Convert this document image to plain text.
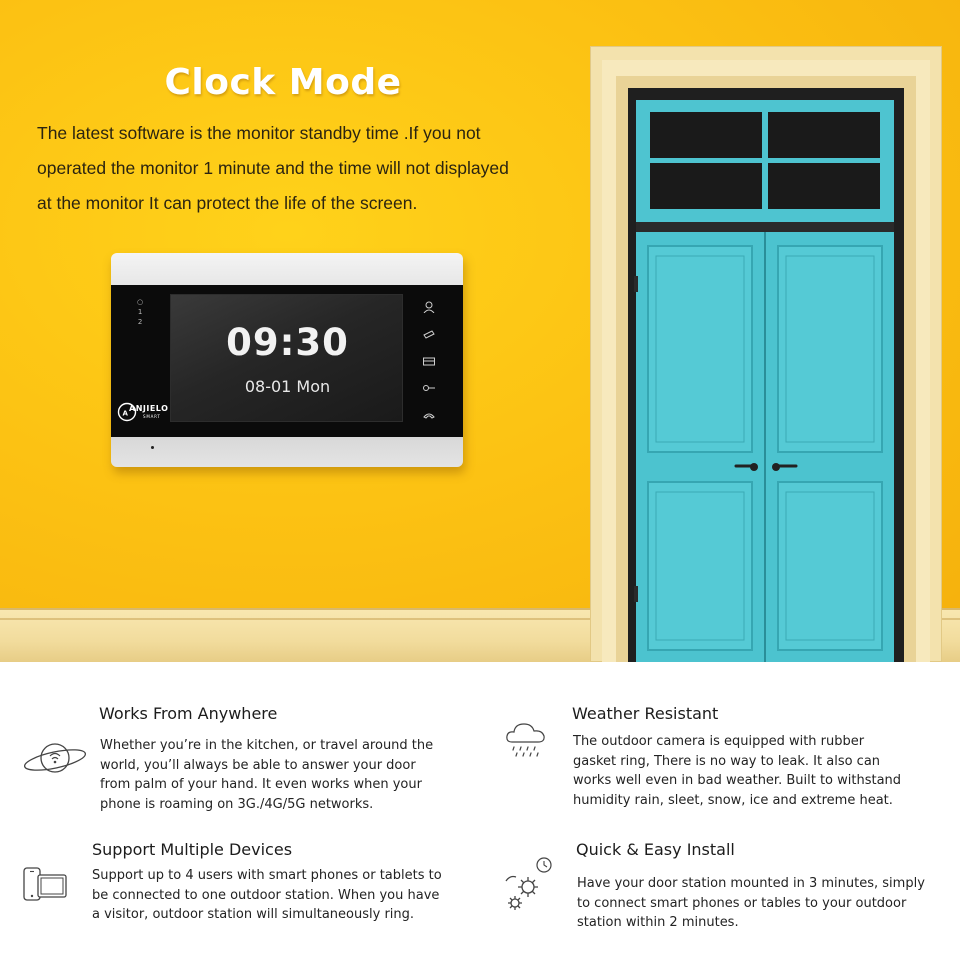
Clock Mode

The latest software is the monitor standby time .If you not

operated the monitor 1 minute and the time will not displayed

at the monitor It can protect the life of the screen.

○
1
2	09:30
08-01 Mon
A
ANJIELO
SMART
Works From Anywhere

Whether you’re in the kitchen, or travel around the

world, you’ll always be able to answer your door

from palm of your hand. It even works when your

phone is roaming on 3G./4G/5G networks.

Weather Resistant

The outdoor camera is equipped with rubber

gasket ring, There is no way to leak. It also can

works well even in bad weather. Built to withstand

humidity rain, sleet, snow, ice and extreme heat.

Support Multiple Devices

Support up to 4 users with smart phones or tablets to

be connected to one outdoor station. When you have

a visitor, outdoor station will simultaneously ring.

Quick & Easy Install

Have your door station mounted in 3 minutes, simply

to connect smart phones or tables to your outdoor

station within 2 minutes.
